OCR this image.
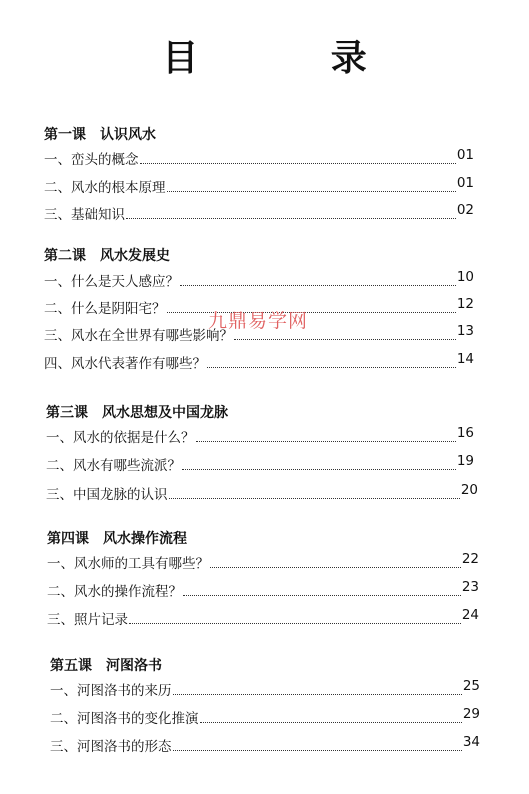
目 录
第一课　认识风水
一、峦头的概念	01
二、风水的根本原理	01
三、基础知识	02
第二课　风水发展史
一、什么是天人感应？	10
二、什么是阴阳宅？	12
三、风水在全世界有哪些影响？	13
四、风水代表著作有哪些？	14
第三课　风水思想及中国龙脉
一、风水的依据是什么？	16
二、风水有哪些流派？	19
三、中国龙脉的认识	20
第四课　风水操作流程
一、风水师的工具有哪些？	22
二、风水的操作流程？	23
三、照片记录	24
第五课　河图洛书
一、河图洛书的来历	25
二、河图洛书的变化推演	29
三、河图洛书的形态	34
九鼎易学网
